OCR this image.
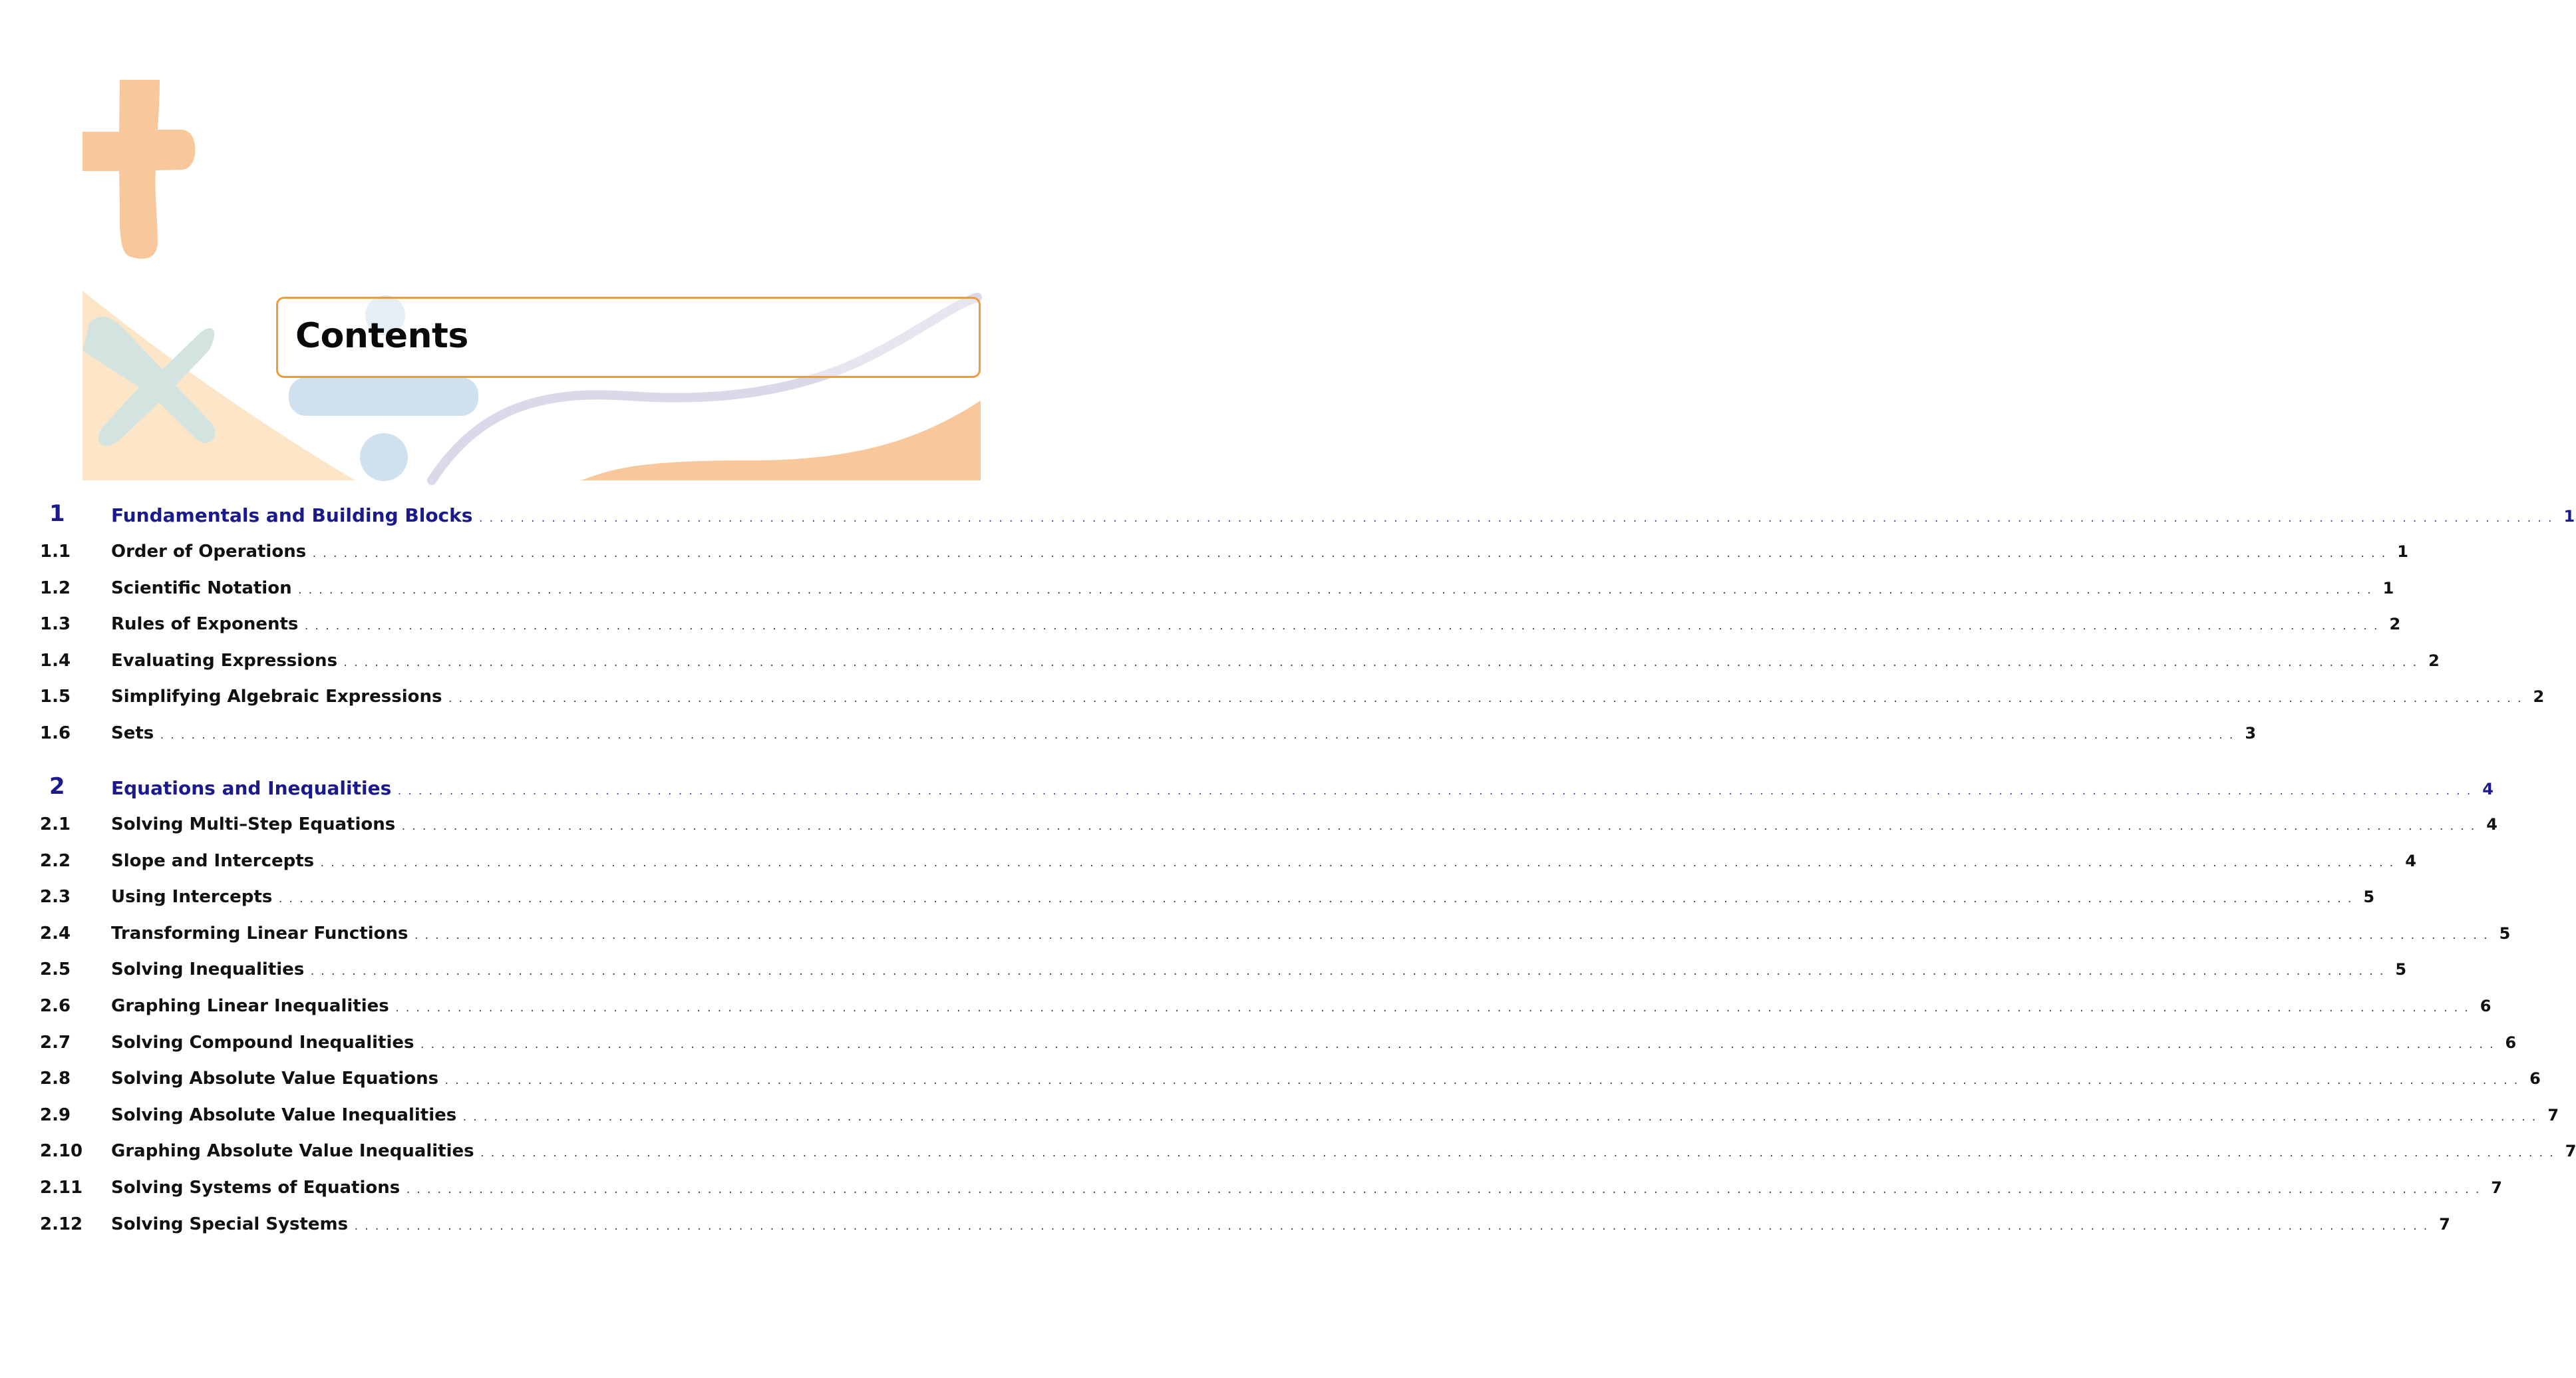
Contents
1 Fundamentals and Building Blocks ........................................................................................................................................................................................................ 1
1.1 Order of Operations ........................................................................................................................................................................................................ 1
1.2 Scientific Notation ........................................................................................................................................................................................................ 1
1.3 Rules of Exponents ........................................................................................................................................................................................................ 2
1.4 Evaluating Expressions ........................................................................................................................................................................................................ 2
1.5 Simplifying Algebraic Expressions ........................................................................................................................................................................................................ 2
1.6 Sets ........................................................................................................................................................................................................ 3
2 Equations and Inequalities ........................................................................................................................................................................................................ 4
2.1 Solving Multi–Step Equations ........................................................................................................................................................................................................ 4
2.2 Slope and Intercepts ........................................................................................................................................................................................................ 4
2.3 Using Intercepts ........................................................................................................................................................................................................ 5
2.4 Transforming Linear Functions ........................................................................................................................................................................................................ 5
2.5 Solving Inequalities ........................................................................................................................................................................................................ 5
2.6 Graphing Linear Inequalities ........................................................................................................................................................................................................ 6
2.7 Solving Compound Inequalities ........................................................................................................................................................................................................ 6
2.8 Solving Absolute Value Equations ........................................................................................................................................................................................................ 6
2.9 Solving Absolute Value Inequalities ........................................................................................................................................................................................................ 7
2.10 Graphing Absolute Value Inequalities ........................................................................................................................................................................................................ 7
2.11 Solving Systems of Equations ........................................................................................................................................................................................................ 7
2.12 Solving Special Systems ........................................................................................................................................................................................................ 7
